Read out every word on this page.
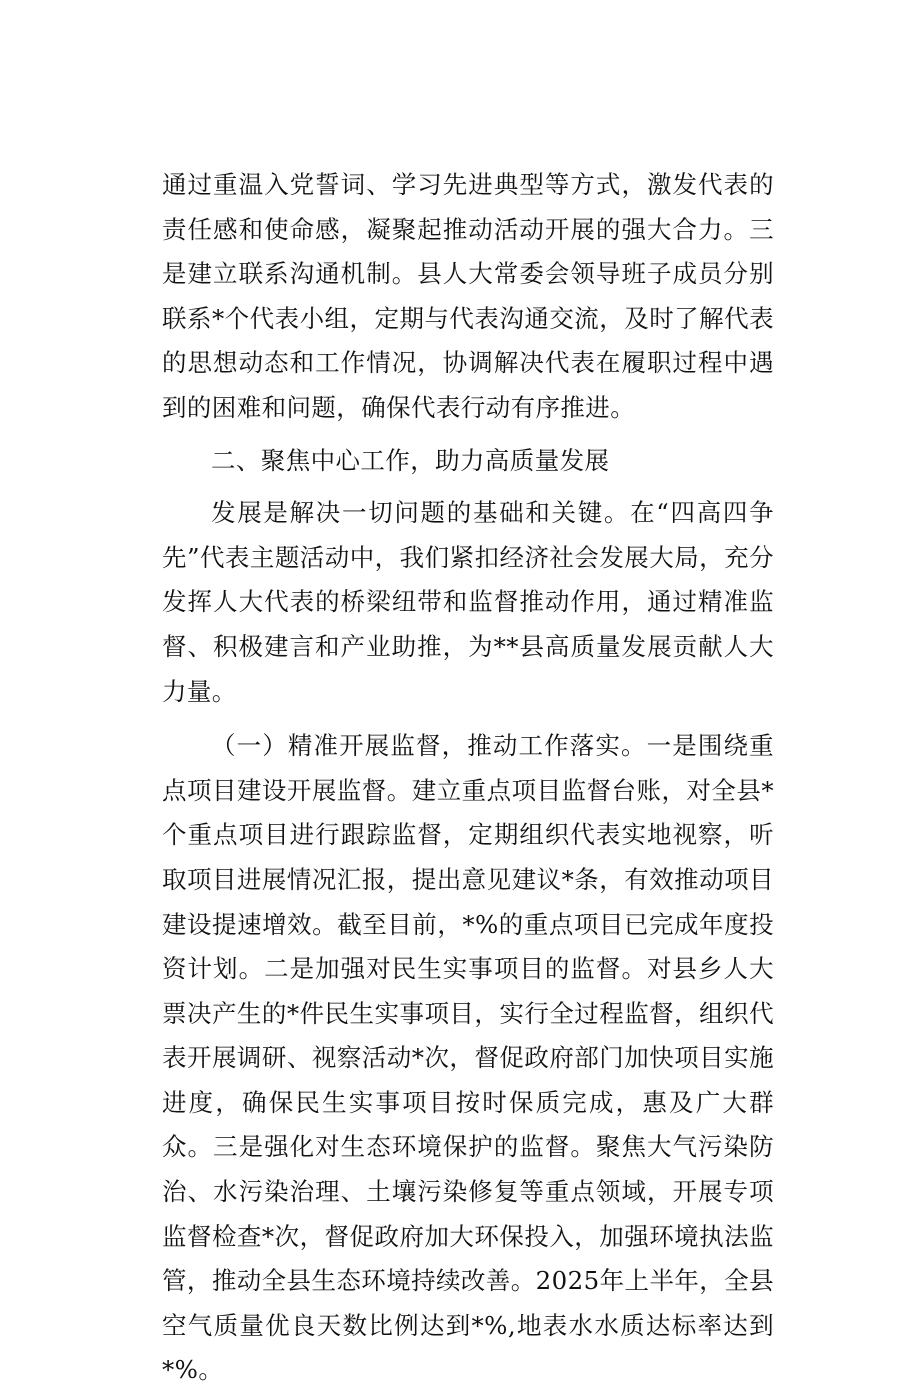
通过重温入党誓词、学习先进典型等方式，激发代表的责任感和使命感，凝聚起推动活动开展的强大合力。三是建立联系沟通机制。县人大常委会领导班子成员分别联系*个代表小组，定期与代表沟通交流，及时了解代表的思想动态和工作情况，协调解决代表在履职过程中遇到的困难和问题，确保代表行动有序推进。

二、聚焦中心工作，助力高质量发展

发展是解决一切问题的基础和关键。在“四高四争先”代表主题活动中，我们紧扣经济社会发展大局，充分发挥人大代表的桥梁纽带和监督推动作用，通过精准监督、积极建言和产业助推，为**县高质量发展贡献人大力量。

（一）精准开展监督，推动工作落实。一是围绕重点项目建设开展监督。建立重点项目监督台账，对全县*个重点项目进行跟踪监督，定期组织代表实地视察，听取项目进展情况汇报，提出意见建议*条，有效推动项目建设提速增效。截至目前，*%的重点项目已完成年度投资计划。二是加强对民生实事项目的监督。对县乡人大票决产生的*件民生实事项目，实行全过程监督，组织代表开展调研、视察活动*次，督促政府部门加快项目实施进度，确保民生实事项目按时保质完成，惠及广大群众。三是强化对生态环境保护的监督。聚焦大气污染防治、水污染治理、土壤污染修复等重点领域，开展专项监督检查*次，督促政府加大环保投入，加强环境执法监管，推动全县生态环境持续改善。2025年上半年，全县空气质量优良天数比例达到*%,地表水水质达标率达到*%。
